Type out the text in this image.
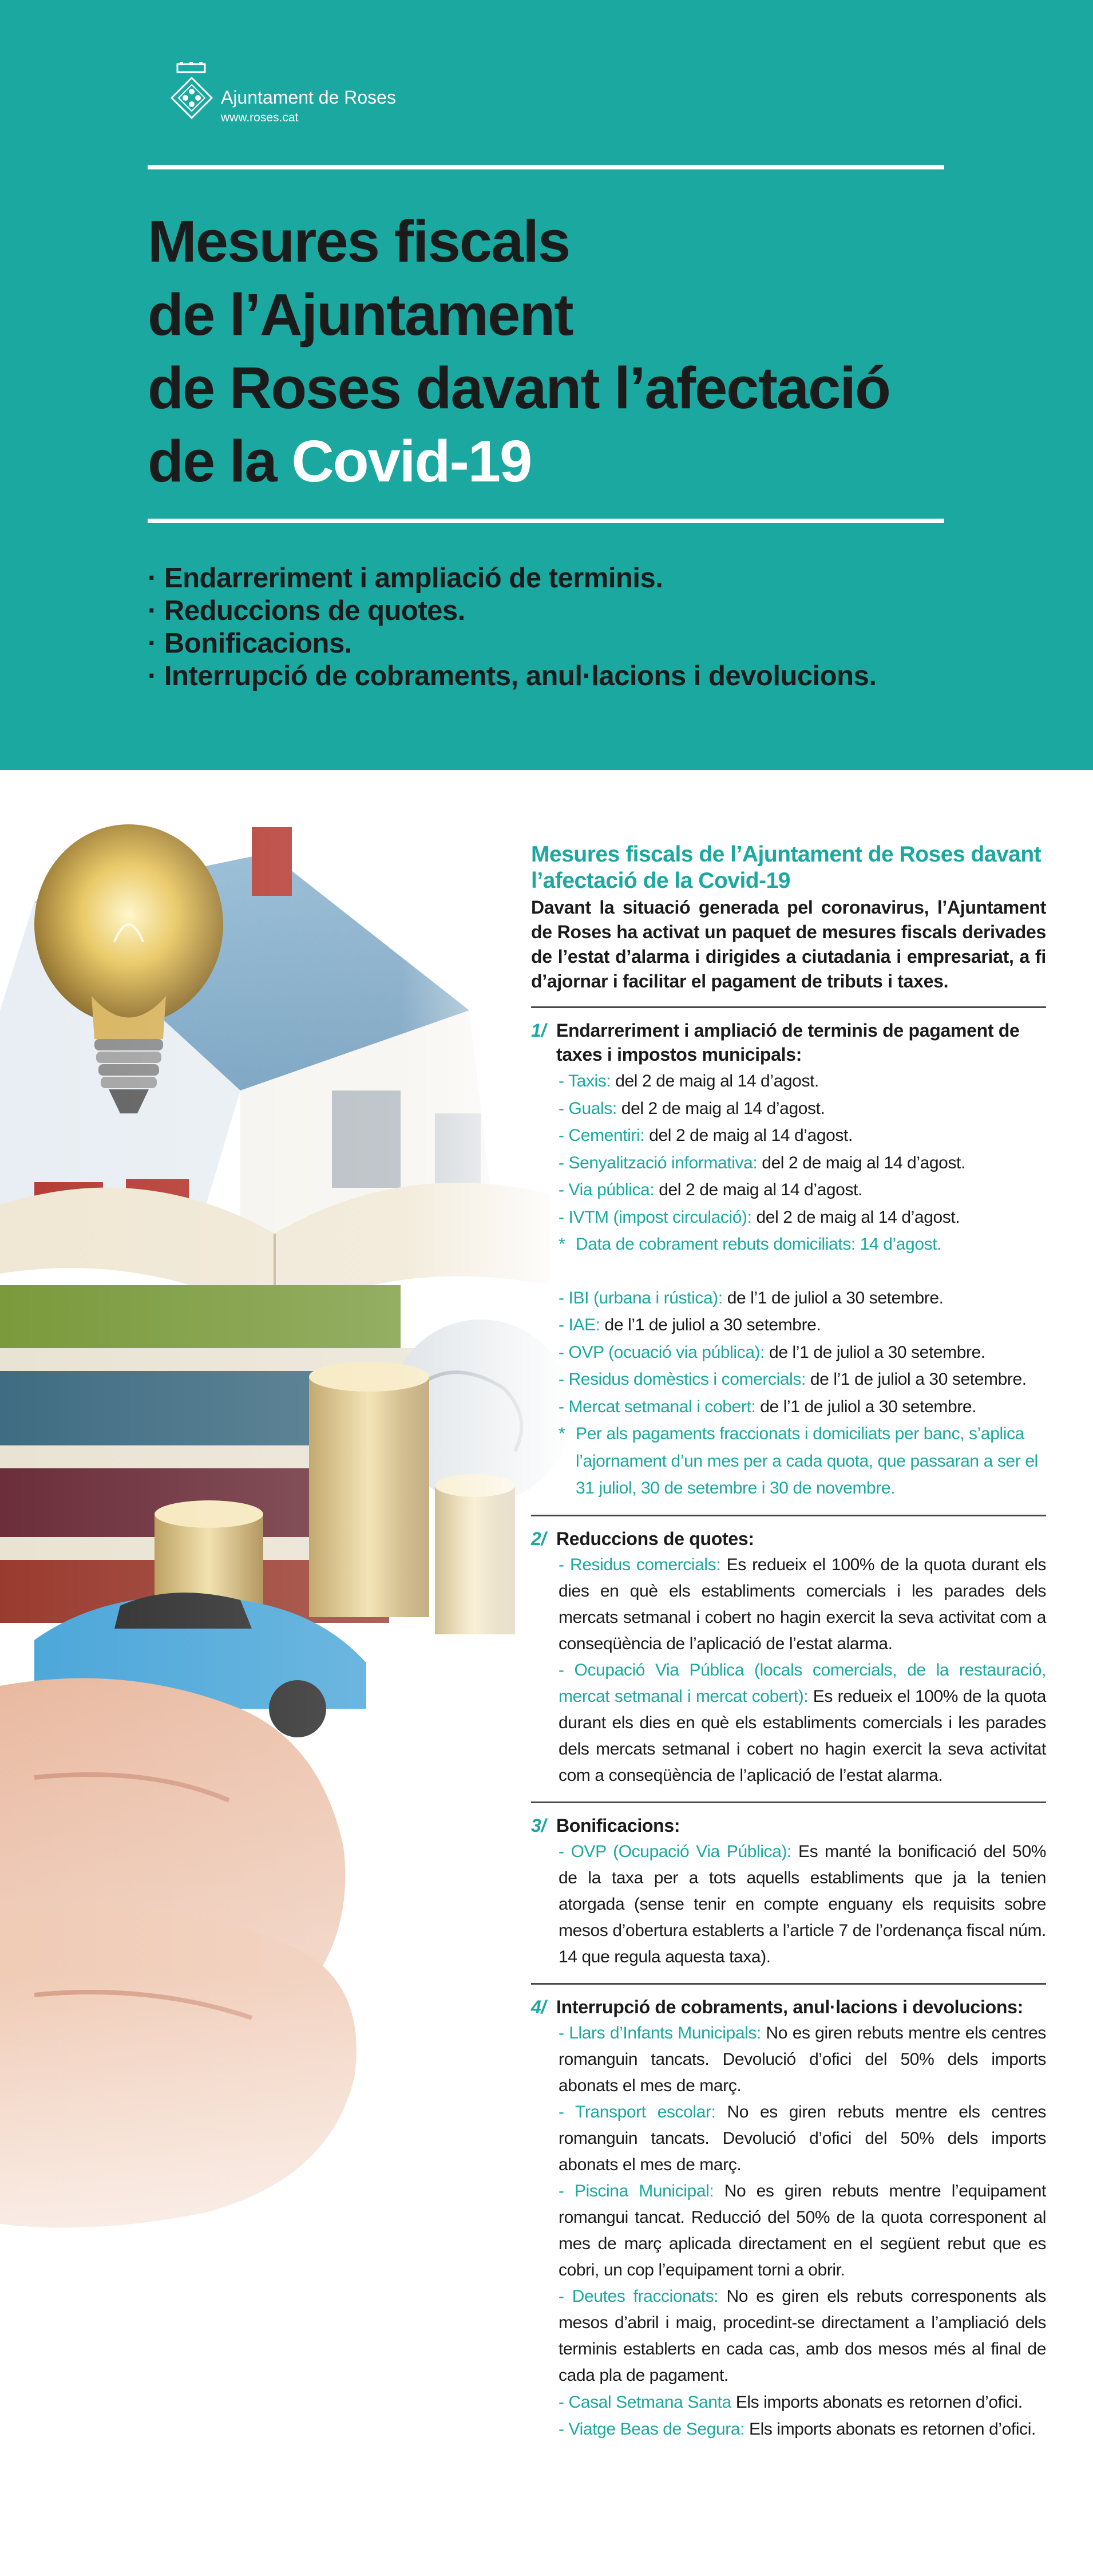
Ajuntament de Roses
www.roses.cat
Mesures fiscals
de l’Ajuntament
de Roses davant l’afectació
de la Covid-19
· Endarreriment i ampliació de terminis.
· Reduccions de quotes.
· Bonificacions.
· Interrupció de cobraments, anul·lacions i devolucions.
Mesures fiscals de l’Ajuntament de Roses davant l’afectació de la Covid-19

Davant la situació generada pel coronavirus, l’Ajuntament de Roses ha activat un paquet de mesures fiscals derivades de l’estat d’alarma i dirigides a ciutadania i empresariat, a fi d’ajornar i facilitar el pagament de tributs i taxes.

1/ Endarreriment i ampliació de terminis de pagament de taxes i impostos municipals:
- Taxis: del 2 de maig al 14 d’agost.
- Guals: del 2 de maig al 14 d’agost.
- Cementiri: del 2 de maig al 14 d’agost.
- Senyalització informativa: del 2 de maig al 14 d’agost.
- Via pública: del 2 de maig al 14 d’agost.
- IVTM (impost circulació): del 2 de maig al 14 d’agost.
* Data de cobrament rebuts domiciliats: 14 d’agost.
- IBI (urbana i rústica): de l’1 de juliol a 30 setembre.
- IAE: de l’1 de juliol a 30 setembre.
- OVP (ocuació via pública): de l’1 de juliol a 30 setembre.
- Residus domèstics i comercials: de l’1 de juliol a 30 setembre.
- Mercat setmanal i cobert: de l’1 de juliol a 30 setembre.
* Per als pagaments fraccionats i domiciliats per banc, s’aplica l’ajornament d’un mes per a cada quota, que passaran a ser el 31 juliol, 30 de setembre i 30 de novembre.
2/ Reduccions de quotes:
- Residus comercials: Es redueix el 100% de la quota durant els dies en què els establiments comercials i les parades dels mercats setmanal i cobert no hagin exercit la seva activitat com a conseqüència de l’aplicació de l’estat alarma.
- Ocupació Via Pública (locals comercials, de la restauració, mercat setmanal i mercat cobert): Es redueix el 100% de la quota durant els dies en què els establiments comercials i les parades dels mercats setmanal i cobert no hagin exercit la seva activitat com a conseqüència de l’aplicació de l’estat alarma.
3/ Bonificacions:
- OVP (Ocupació Via Pública): Es manté la bonificació del 50% de la taxa per a tots aquells establiments que ja la tenien atorgada (sense tenir en compte enguany els requisits sobre mesos d’obertura establerts a l’article 7 de l’ordenança fiscal núm. 14 que regula aquesta taxa).
4/ Interrupció de cobraments, anul·lacions i devolucions:
- Llars d’Infants Municipals: No es giren rebuts mentre els centres romanguin tancats. Devolució d’ofici del 50% dels imports abonats el mes de març.
- Transport escolar: No es giren rebuts mentre els centres romanguin tancats. Devolució d’ofici del 50% dels imports abonats el mes de març.
- Piscina Municipal: No es giren rebuts mentre l’equipament romangui tancat. Reducció del 50% de la quota corresponent al mes de març aplicada directament en el següent rebut que es cobri, un cop l’equipament torni a obrir.
- Deutes fraccionats: No es giren els rebuts corresponents als mesos d’abril i maig, procedint-se directament a l’ampliació dels terminis establerts en cada cas, amb dos mesos més al final de cada pla de pagament.
- Casal Setmana Santa Els imports abonats es retornen d’ofici.
- Viatge Beas de Segura: Els imports abonats es retornen d’ofici.
